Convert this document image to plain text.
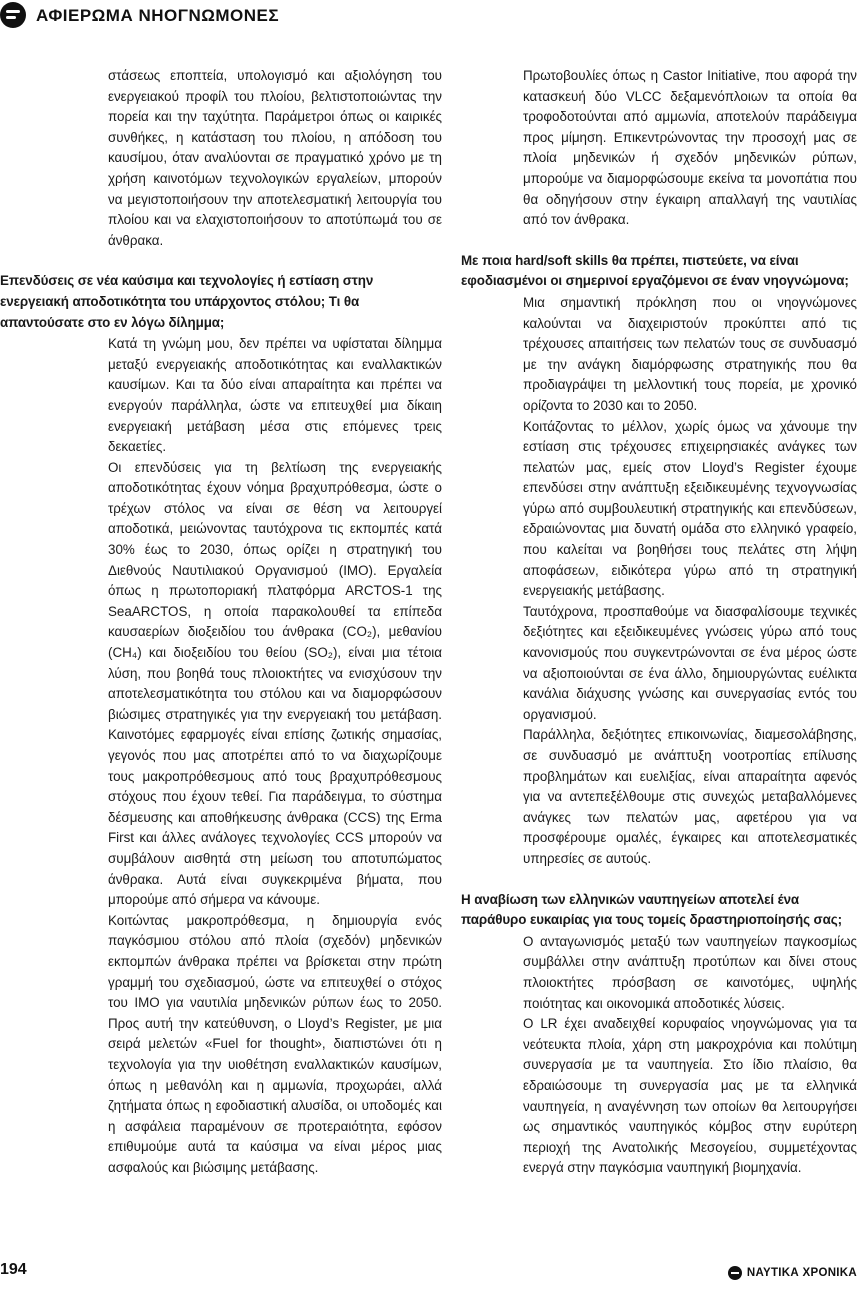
ΑΦΙΕΡΩΜΑ ΝΗΟΓΝΩΜΟΝΕΣ

στάσεως εποπτεία, υπολογισμό και αξιολόγηση του ενεργειακού προφίλ του πλοίου, βελτιστοποιώντας την πορεία και την ταχύτητα. Παράμετροι όπως οι καιρικές συνθήκες, η κατάσταση του πλοίου, η απόδοση του καυσίμου, όταν αναλύονται σε πραγματικό χρόνο με τη χρήση καινοτόμων τεχνολογικών εργαλείων, μπορούν να μεγιστοποιήσουν την αποτελεσματική λειτουργία του πλοίου και να ελαχιστοποιήσουν το αποτύπωμά του σε άνθρακα.

Επενδύσεις σε νέα καύσιμα και τεχνολογίες ή εστίαση στην ενεργειακή αποδοτικότητα του υπάρχοντος στόλου; Τι θα απαντούσατε στο εν λόγω δίλημμα;

Κατά τη γνώμη μου, δεν πρέπει να υφίσταται δίλημμα μεταξύ ενεργειακής αποδοτικότητας και εναλλακτικών καυσίμων. Και τα δύο είναι απαραίτητα και πρέπει να ενεργούν παράλληλα, ώστε να επιτευχθεί μια δίκαιη ενεργειακή μετάβαση μέσα στις επόμενες τρεις δεκαετίες.

Οι επενδύσεις για τη βελτίωση της ενεργειακής αποδοτικότητας έχουν νόημα βραχυπρόθεσμα, ώστε ο τρέχων στόλος να είναι σε θέση να λειτουργεί αποδοτικά, μειώνοντας ταυτόχρονα τις εκπομπές κατά 30% έως το 2030, όπως ορίζει η στρατηγική του Διεθνούς Ναυτιλιακού Οργανισμού (IMO). Εργαλεία όπως η πρωτοποριακή πλατφόρμα ARCTOS-1 της SeaARCTOS, η οποία παρακολουθεί τα επίπεδα καυσαερίων διοξειδίου του άνθρακα (CO₂), μεθανίου (CH₄) και διοξειδίου του θείου (SO₂), είναι μια τέτοια λύση, που βοηθά τους πλοιοκτήτες να ενισχύσουν την αποτελεσματικότητα του στόλου και να διαμορφώσουν βιώσιμες στρατηγικές για την ενεργειακή του μετάβαση. Καινοτόμες εφαρμογές είναι επίσης ζωτικής σημασίας, γεγονός που μας αποτρέπει από το να διαχωρίζουμε τους μακροπρόθεσμους από τους βραχυπρόθεσμους στόχους που έχουν τεθεί. Για παράδειγμα, το σύστημα δέσμευσης και αποθήκευσης άνθρακα (CCS) της Erma First και άλλες ανάλογες τεχνολογίες CCS μπορούν να συμβάλουν αισθητά στη μείωση του αποτυπώματος άνθρακα. Αυτά είναι συγκεκριμένα βήματα, που μπορούμε από σήμερα να κάνουμε.

Κοιτώντας μακροπρόθεσμα, η δημιουργία ενός παγκόσμιου στόλου από πλοία (σχεδόν) μηδενικών εκπομπών άνθρακα πρέπει να βρίσκεται στην πρώτη γραμμή του σχεδιασμού, ώστε να επιτευχθεί ο στόχος του IMO για ναυτιλία μηδενικών ρύπων έως το 2050. Προς αυτή την κατεύθυνση, ο Lloyd’s Register, με μια σειρά μελετών «Fuel for thought», διαπιστώνει ότι η τεχνολογία για την υιοθέτηση εναλλακτικών καυσίμων, όπως η μεθανόλη και η αμμωνία, προχωράει, αλλά ζητήματα όπως η εφοδιαστική αλυσίδα, οι υποδομές και η ασφάλεια παραμένουν σε προτεραιότητα, εφόσον επιθυμούμε αυτά τα καύσιμα να είναι μέρος μιας ασφαλούς και βιώσιμης μετάβασης.

Πρωτοβουλίες όπως η Castor Initiative, που αφορά την κατασκευή δύο VLCC δεξαμενόπλοιων τα οποία θα τροφοδοτούνται από αμμωνία, αποτελούν παράδειγμα προς μίμηση. Επικεντρώνοντας την προσοχή μας σε πλοία μηδενικών ή σχεδόν μηδενικών ρύπων, μπορούμε να διαμορφώσουμε εκείνα τα μονοπάτια που θα οδηγήσουν στην έγκαιρη απαλλαγή της ναυτιλίας από τον άνθρακα.

Με ποια hard/soft skills θα πρέπει, πιστεύετε, να είναι εφοδιασμένοι οι σημερινοί εργαζόμενοι σε έναν νηογνώμονα;

Μια σημαντική πρόκληση που οι νηογνώμονες καλούνται να διαχειριστούν προκύπτει από τις τρέχουσες απαιτήσεις των πελατών τους σε συνδυασμό με την ανάγκη διαμόρφωσης στρατηγικής που θα προδιαγράψει τη μελλοντική τους πορεία, με χρονικό ορίζοντα το 2030 και το 2050.

Κοιτάζοντας το μέλλον, χωρίς όμως να χάνουμε την εστίαση στις τρέχουσες επιχειρησιακές ανάγκες των πελατών μας, εμείς στον Lloyd’s Register έχουμε επενδύσει στην ανάπτυξη εξειδικευμένης τεχνογνωσίας γύρω από συμβουλευτική στρατηγικής και επενδύσεων, εδραιώνοντας μια δυνατή ομάδα στο ελληνικό γραφείο, που καλείται να βοηθήσει τους πελάτες στη λήψη αποφάσεων, ειδικότερα γύρω από τη στρατηγική ενεργειακής μετάβασης.

Ταυτόχρονα, προσπαθούμε να διασφαλίσουμε τεχνικές δεξιότητες και εξειδικευμένες γνώσεις γύρω από τους κανονισμούς που συγκεντρώνονται σε ένα μέρος ώστε να αξιοποιούνται σε ένα άλλο, δημιουργώντας ευέλικτα κανάλια διάχυσης γνώσης και συνεργασίας εντός του οργανισμού.

Παράλληλα, δεξιότητες επικοινωνίας, διαμεσολάβησης, σε συνδυασμό με ανάπτυξη νοοτροπίας επίλυσης προβλημάτων και ευελιξίας, είναι απαραίτητα αφενός για να αντεπεξέλθουμε στις συνεχώς μεταβαλλόμενες ανάγκες των πελατών μας, αφετέρου για να προσφέρουμε ομαλές, έγκαιρες και αποτελεσματικές υπηρεσίες σε αυτούς.

Η αναβίωση των ελληνικών ναυπηγείων αποτελεί ένα παράθυρο ευκαιρίας για τους τομείς δραστηριοποίησής σας;

Ο ανταγωνισμός μεταξύ των ναυπηγείων παγκοσμίως συμβάλλει στην ανάπτυξη προτύπων και δίνει στους πλοιοκτήτες πρόσβαση σε καινοτόμες, υψηλής ποιότητας και οικονομικά αποδοτικές λύσεις.

Ο LR έχει αναδειχθεί κορυφαίος νηογνώμονας για τα νεότευκτα πλοία, χάρη στη μακροχρόνια και πολύτιμη συνεργασία με τα ναυπηγεία. Στο ίδιο πλαίσιο, θα εδραιώσουμε τη συνεργασία μας με τα ελληνικά ναυπηγεία, η αναγέννηση των οποίων θα λειτουργήσει ως σημαντικός ναυπηγικός κόμβος στην ευρύτερη περιοχή της Ανατολικής Μεσογείου, συμμετέχοντας ενεργά στην παγκόσμια ναυπηγική βιομηχανία.

194	ΝΑΥΤΙΚΑ ΧΡΟΝΙΚΑ
